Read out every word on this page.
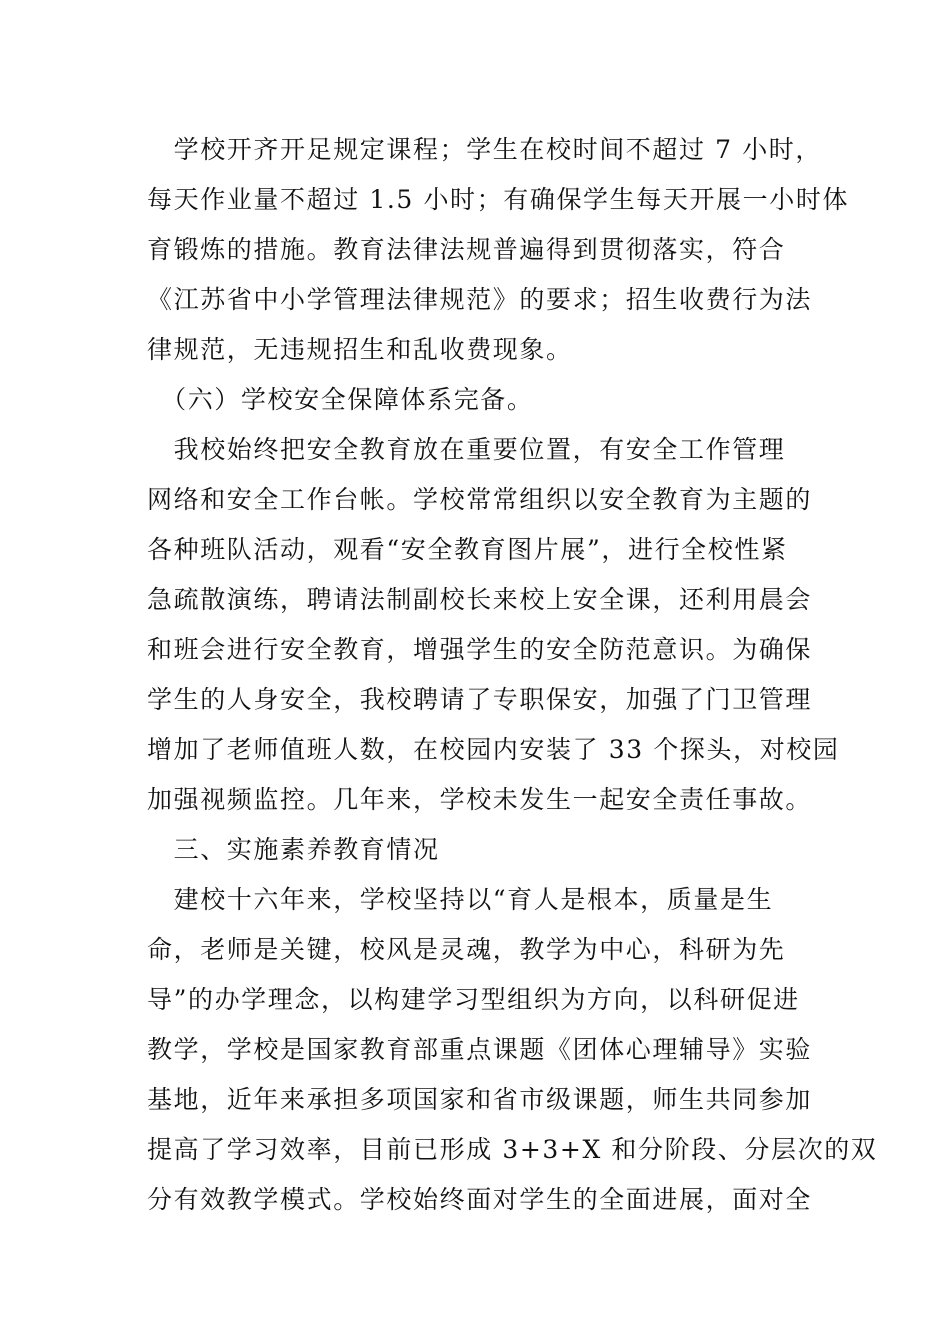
　学校开齐开足规定课程；学生在校时间不超过 7 小时，
每天作业量不超过 1.5 小时；有确保学生每天开展一小时体
育锻炼的措施。教育法律法规普遍得到贯彻落实，符合
《江苏省中小学管理法律规范》的要求；招生收费行为法
律规范，无违规招生和乱收费现象。
　（六）学校安全保障体系完备。
　我校始终把安全教育放在重要位置，有安全工作管理
网络和安全工作台帐。学校常常组织以安全教育为主题的
各种班队活动，观看“安全教育图片展”，进行全校性紧
急疏散演练，聘请法制副校长来校上安全课，还利用晨会
和班会进行安全教育，增强学生的安全防范意识。为确保
学生的人身安全，我校聘请了专职保安，加强了门卫管理
增加了老师值班人数，在校园内安装了 33 个探头，对校园
加强视频监控。几年来，学校未发生一起安全责任事故。
　三、实施素养教育情况
　建校十六年来，学校坚持以“育人是根本，质量是生
命，老师是关键，校风是灵魂，教学为中心，科研为先
导”的办学理念，以构建学习型组织为方向，以科研促进
教学，学校是国家教育部重点课题《团体心理辅导》实验
基地，近年来承担多项国家和省市级课题，师生共同参加
提高了学习效率，目前已形成 3+3+X 和分阶段、分层次的双
分有效教学模式。学校始终面对学生的全面进展，面对全
